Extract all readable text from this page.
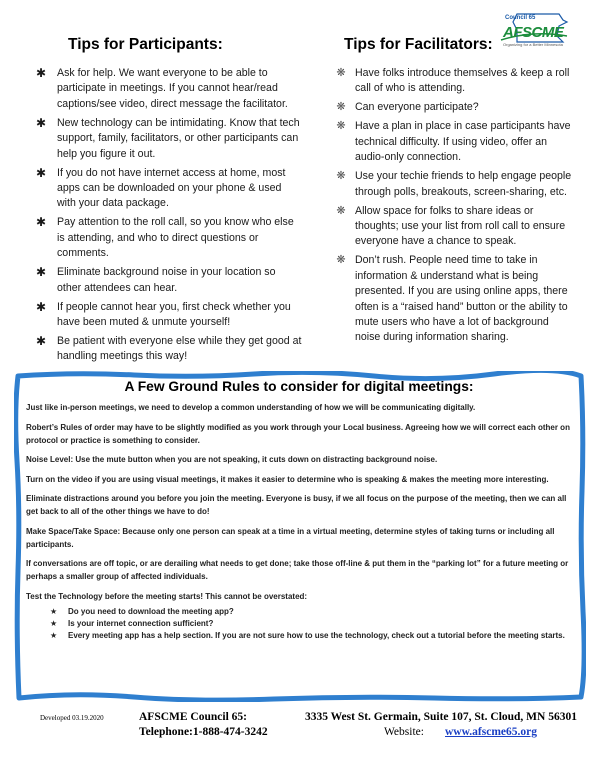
Council 65
AFSCME
Organizing for a Better Minnesota
Tips for Participants:
✱	Ask for help. We want everyone to be able to participate in meetings. If you cannot hear/read captions/see video, direct message the facilitator.
✱	New technology can be intimidating. Know that tech support, family, facilitators, or other participants can help you figure it out.
✱	If you do not have internet access at home, most apps can be downloaded on your phone & used with your data package.
✱	Pay attention to the roll call, so you know who else is attending, and who to direct questions or comments.
✱	Eliminate background noise in your location so other attendees can hear.
✱	If people cannot hear you, first check whether you have been muted & unmute yourself!
✱	Be patient with everyone else while they get good at handling meetings this way!
Tips for Facilitators:
❋ Have folks introduce themselves & keep a roll call of who is attending.
❋ Can everyone participate?
❋ Have a plan in place in case participants have technical difficulty. If using video, offer an audio-only connection.
❋ Use your techie friends to help engage people through polls, breakouts, screen-sharing, etc.
❋ Allow space for folks to share ideas or thoughts; use your list from roll call to ensure everyone have a chance to speak.
❋ Don’t rush. People need time to take in information & understand what is being presented. If you are using online apps, there often is a “raised hand” button or the ability to mute users who have a lot of background noise during information sharing.
A Few Ground Rules to consider for digital meetings:

Just like in-person meetings, we need to develop a common understanding of how we will be communicating digitally.

Robert’s Rules of order may have to be slightly modified as you work through your Local business. Agreeing how we will correct each other on protocol or practice is something to consider.

Noise Level: Use the mute button when you are not speaking, it cuts down on distracting background noise.

Turn on the video if you are using visual meetings, it makes it easier to determine who is speaking & makes the meeting more interesting.

Eliminate distractions around you before you join the meeting. Everyone is busy, if we all focus on the purpose of the meeting, then we can all get back to all of the other things we have to do!

Make Space/Take Space: Because only one person can speak at a time in a virtual meeting, determine styles of taking turns or including all participants.

If conversations are off topic, or are derailing what needs to get done; take those off-line & put them in the “parking lot” for a future meeting or perhaps a smaller group of affected individuals.

Test the Technology before the meeting starts! This cannot be overstated:

★ Do you need to download the meeting app?
★ Is your internet connection sufficient?
★ Every meeting app has a help section. If you are not sure how to use the technology, check out a tutorial before the meeting starts.
Developed 03.19.2020	AFSCME Council 65:	3335 West St. Germain, Suite 107, St. Cloud, MN 56301
Telephone:1-888-474-3242	Website: www.afscme65.org
